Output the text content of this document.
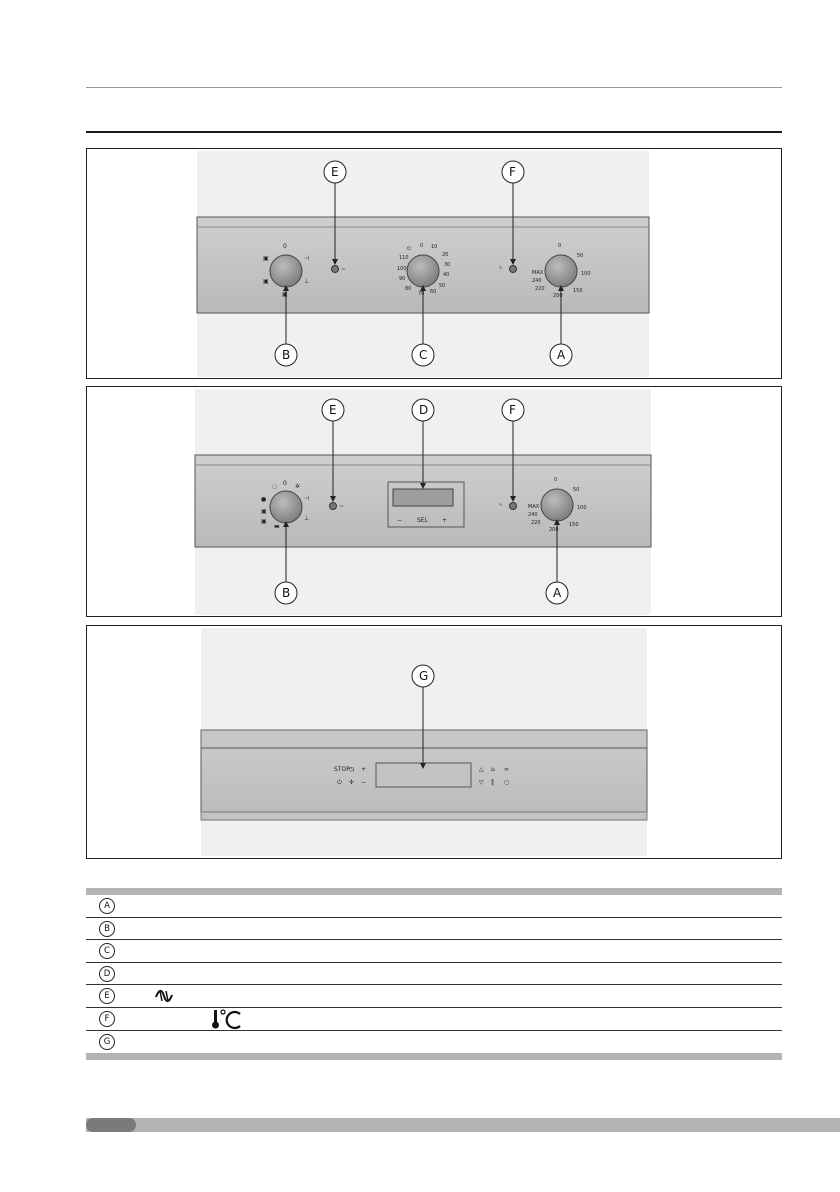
0
▣
▣
▣
⊣
⊥
~
⏻ 0 10
20
30
40
50
60
70
80
90
100
110
°
0
50
100
150
200
220
240
MAX
E	F
B	C	A
0
◌	✲
●
▣
▣
▬
⊣
⊥
~
− SEL +
°
0
50
100
150
200
220
240
MAX
E	D	F
B	A
STOP ◷ +
⏻ ✢ −
△ ⌂ ∞
▽ ‖ ○
G
A
B
C
D
E
F
G
